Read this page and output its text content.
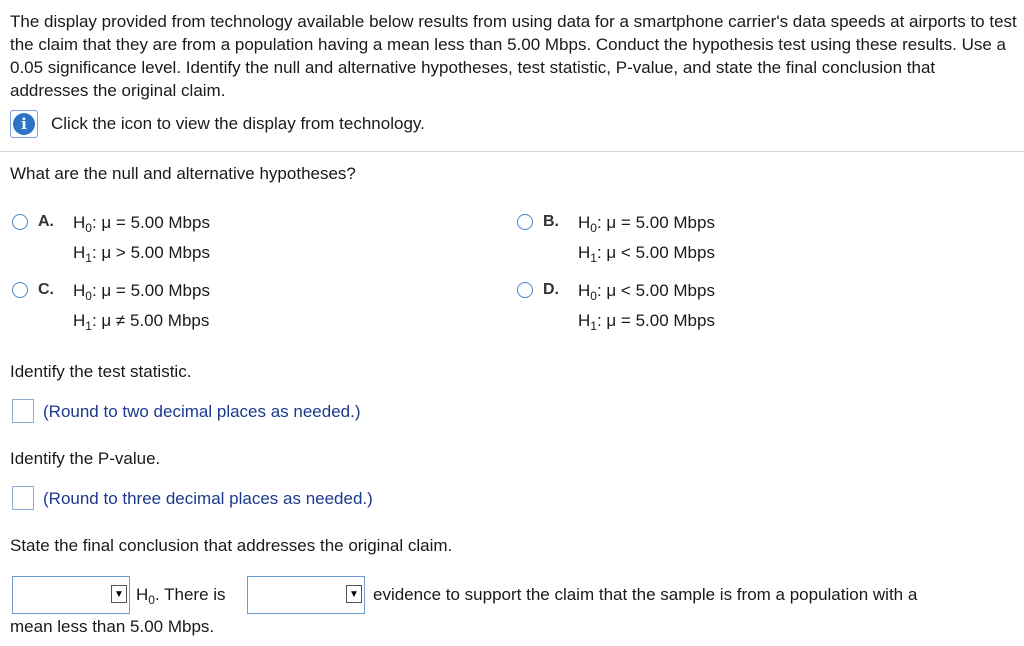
The display provided from technology available below results from using data for a smartphone carrier's data speeds at airports to test the claim that they are from a population having a mean less than 5.00 Mbps. Conduct the hypothesis test using these results. Use a 0.05 significance level. Identify the null and alternative hypotheses, test statistic, P-value, and state the final conclusion that addresses the original claim.
i	Click the icon to view the display from technology.
What are the null and alternative hypotheses?
A. $H_0$: μ = 5.00 Mbps
$H_1$: μ > 5.00 Mbps
B. $H_0$: μ = 5.00 Mbps
$H_1$: μ < 5.00 Mbps
C. $H_0$: μ = 5.00 Mbps
$H_1$: μ ≠ 5.00 Mbps
D. $H_0$: μ < 5.00 Mbps
$H_1$: μ = 5.00 Mbps
Identify the test statistic.
(Round to two decimal places as needed.)
Identify the P-value.
(Round to three decimal places as needed.)
State the final conclusion that addresses the original claim.
▼ $H_0$. There is	▼ evidence to support the claim that the sample is from a population with a
mean less than 5.00 Mbps.
